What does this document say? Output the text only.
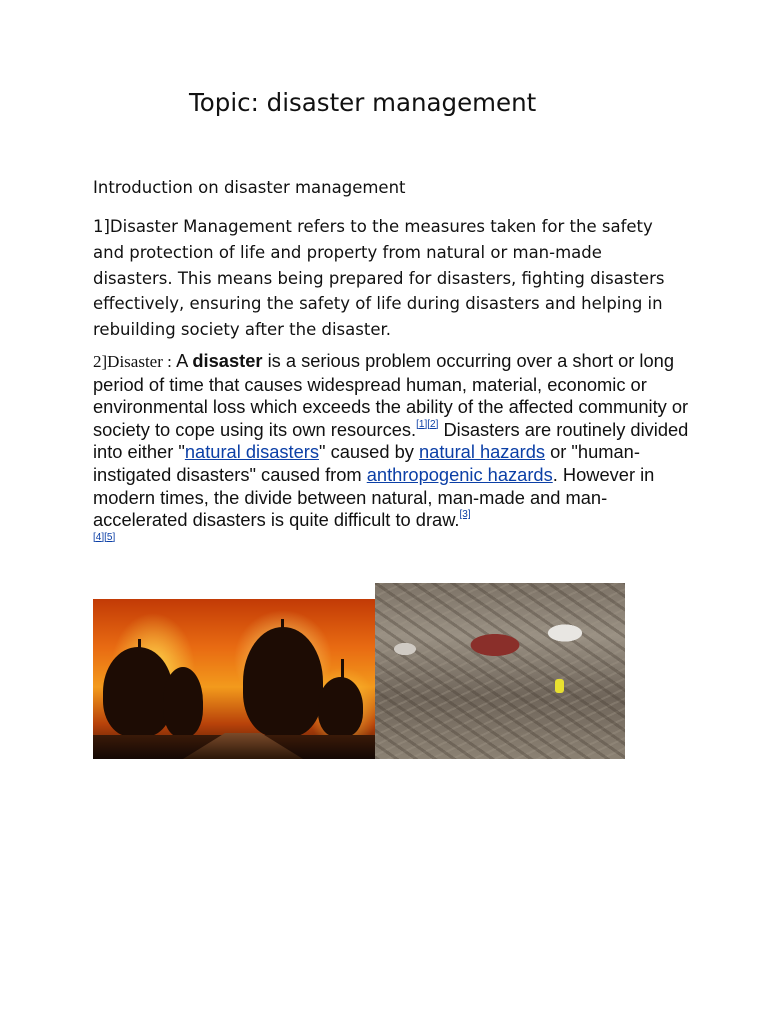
Topic: disaster management
Introduction on disaster management

1]Disaster Management refers to the measures taken for the safety and protection of life and property from natural or man-made disasters. This means being prepared for disasters, fighting disasters effectively, ensuring the safety of life during disasters and helping in rebuilding society after the disaster.

2]Disaster : A disaster is a serious problem occurring over a short or long period of time that causes widespread human, material, economic or environmental loss which exceeds the ability of the affected community or society to cope using its own resources.[1][2] Disasters are routinely divided into either "natural disasters" caused by natural hazards or "human-instigated disasters" caused from anthropogenic hazards. However in modern times, the divide between natural, man-made and man-accelerated disasters is quite difficult to draw.[3]
[4][5]
